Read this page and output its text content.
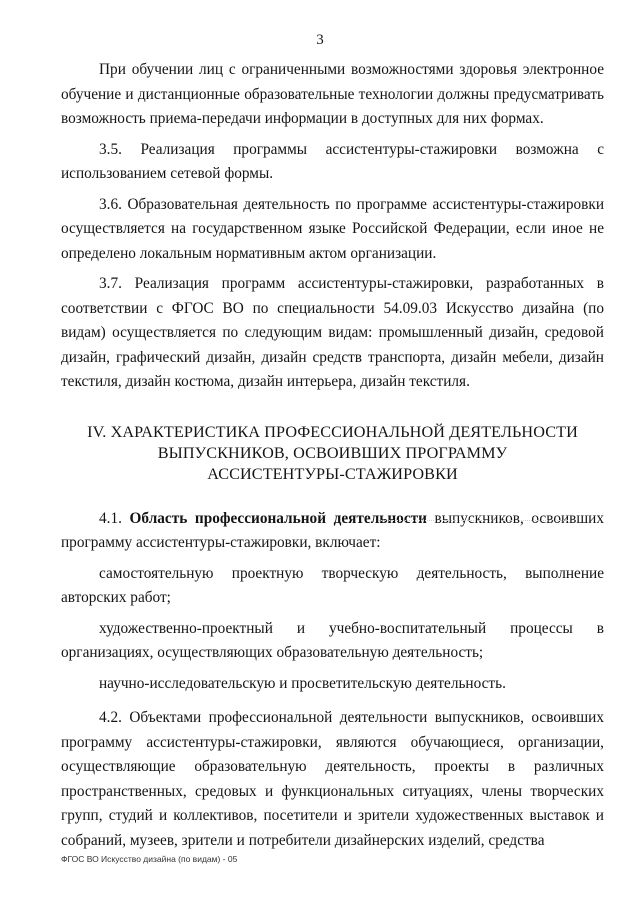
3

При обучении лиц с ограниченными возможностями здоровья электронное обучение и дистанционные образовательные технологии должны предусматривать возможность приема-передачи информации в доступных для них формах.

3.5. Реализация программы ассистентуры-стажировки возможна с использованием сетевой формы.

3.6. Образовательная деятельность по программе ассистентуры-стажировки осуществляется на государственном языке Российской Федерации, если иное не определено локальным нормативным актом организации.

3.7. Реализация программ ассистентуры-стажировки, разработанных в соответствии с ФГОС ВО по специальности 54.09.03 Искусство дизайна (по видам) осуществляется по следующим видам: промышленный дизайн, средовой дизайн, графический дизайн, дизайн средств транспорта, дизайн мебели, дизайн текстиля, дизайн костюма, дизайн интерьера, дизайн текстиля.

IV. ХАРАКТЕРИСТИКА ПРОФЕССИОНАЛЬНОЙ ДЕЯТЕЛЬНОСТИ
ВЫПУСКНИКОВ, ОСВОИВШИХ ПРОГРАММУ
АССИСТЕНТУРЫ-СТАЖИРОВКИ

4.1. Область профессиональной деятельности выпускников, освоивших программу ассистентуры-стажировки, включает:

самостоятельную проектную творческую деятельность, выполнение авторских работ;

художественно-проектный и учебно-воспитательный процессы в организациях, осуществляющих образовательную деятельность;

научно-исследовательскую и просветительскую деятельность.

4.2. Объектами профессиональной деятельности выпускников, освоивших программу ассистентуры-стажировки, являются обучающиеся, организации, осуществляющие образовательную деятельность, проекты в различных пространственных, средовых и функциональных ситуациях, члены творческих групп, студий и коллективов, посетители и зрители художественных выставок и собраний, музеев, зрители и потребители дизайнерских изделий, средства

ФГОС ВО Искусство дизайна (по видам) - 05
